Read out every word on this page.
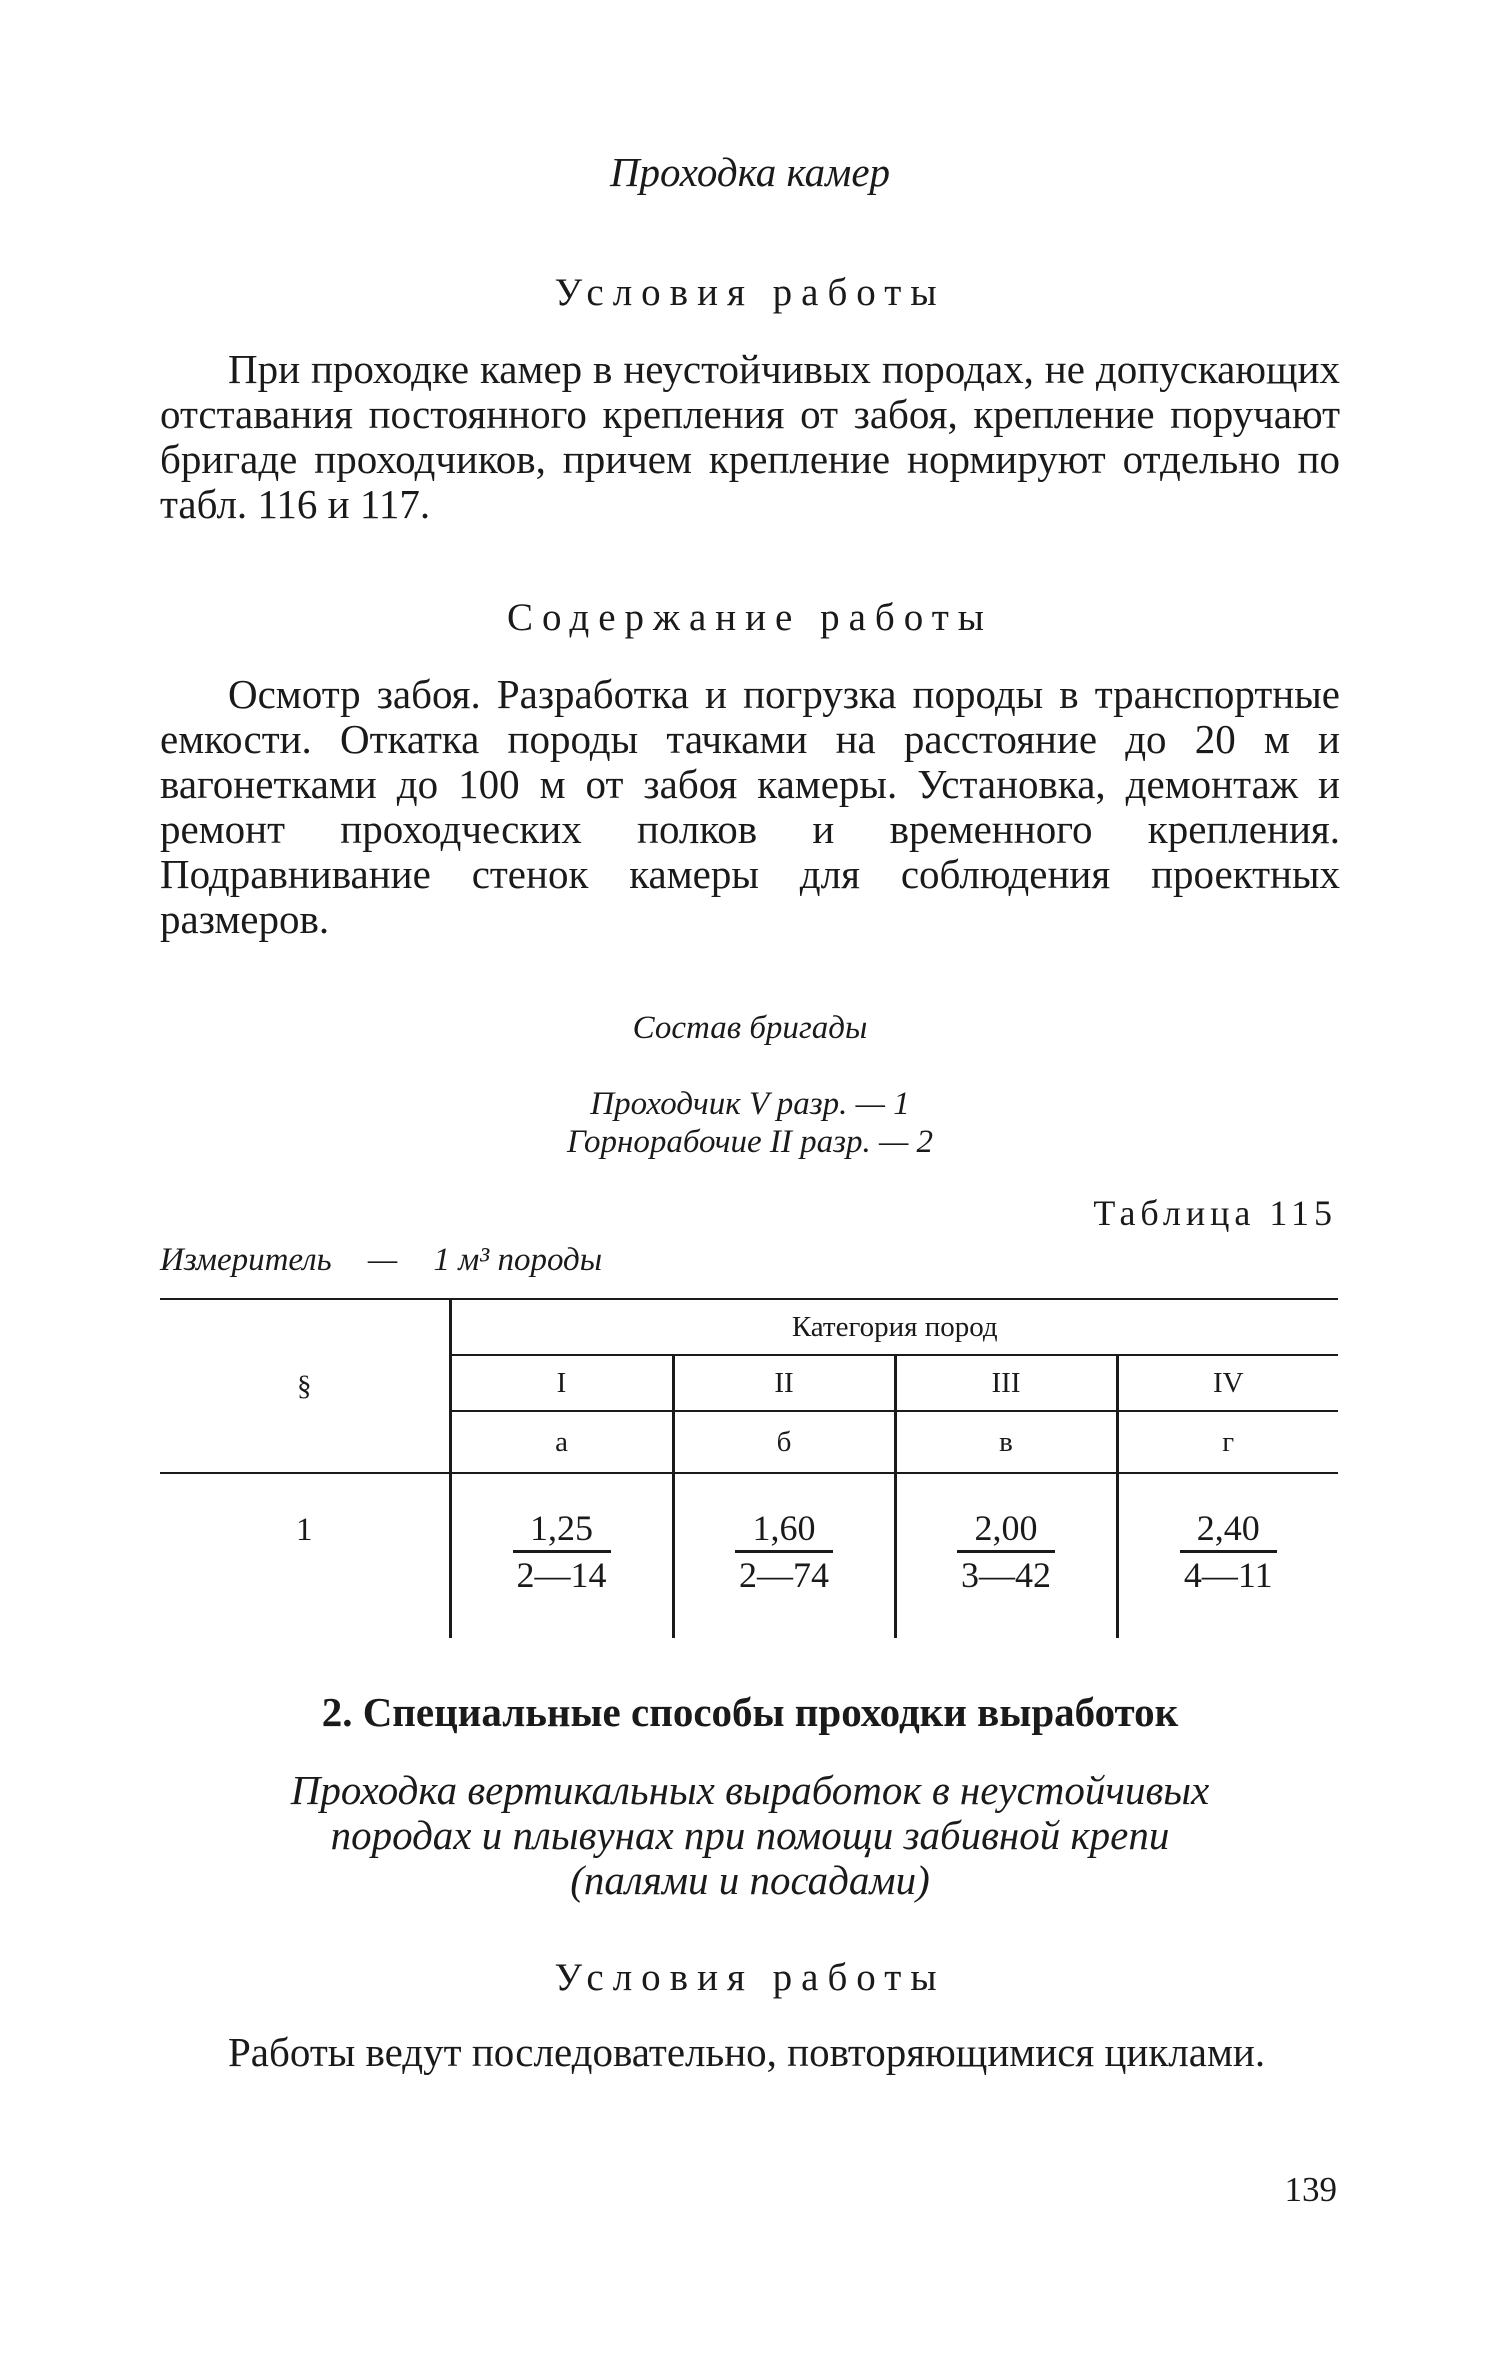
Проходка камер
Условия работы

При проходке камер в неустойчивых породах, не допускающих отставания постоянного крепления от забоя, крепление поручают бригаде проходчиков, причем крепление нормируют отдельно по табл. 116 и 117.

Содержание работы

Осмотр забоя. Разработка и погрузка породы в транспортные емкости. Откатка породы тачками на расстояние до 20 м и вагонетками до 100 м от забоя камеры. Установка, демонтаж и ремонт проходческих полков и временного крепления. Подравнивание стенок камеры для соблюдения проектных размеров.

Состав бригады
Проходчик V разр. — 1
Горнорабочие II разр. — 2
Таблица 115
Измеритель — 1 м³ породы
§	Категория пород			
	I	II	III	IV
	а	б	в	г
1	$\frac{1,25}{2—14}$	$\frac{1,60}{2—74}$	$\frac{2,00}{3—42}$	$\frac{2,40}{4—11}$
2. Специальные способы проходки выработок
Проходка вертикальных выработок в неустойчивых
породах и плывунах при помощи забивной крепи
(палями и посадами)
Условия работы

Работы ведут последовательно, повторяющимися циклами.

139
